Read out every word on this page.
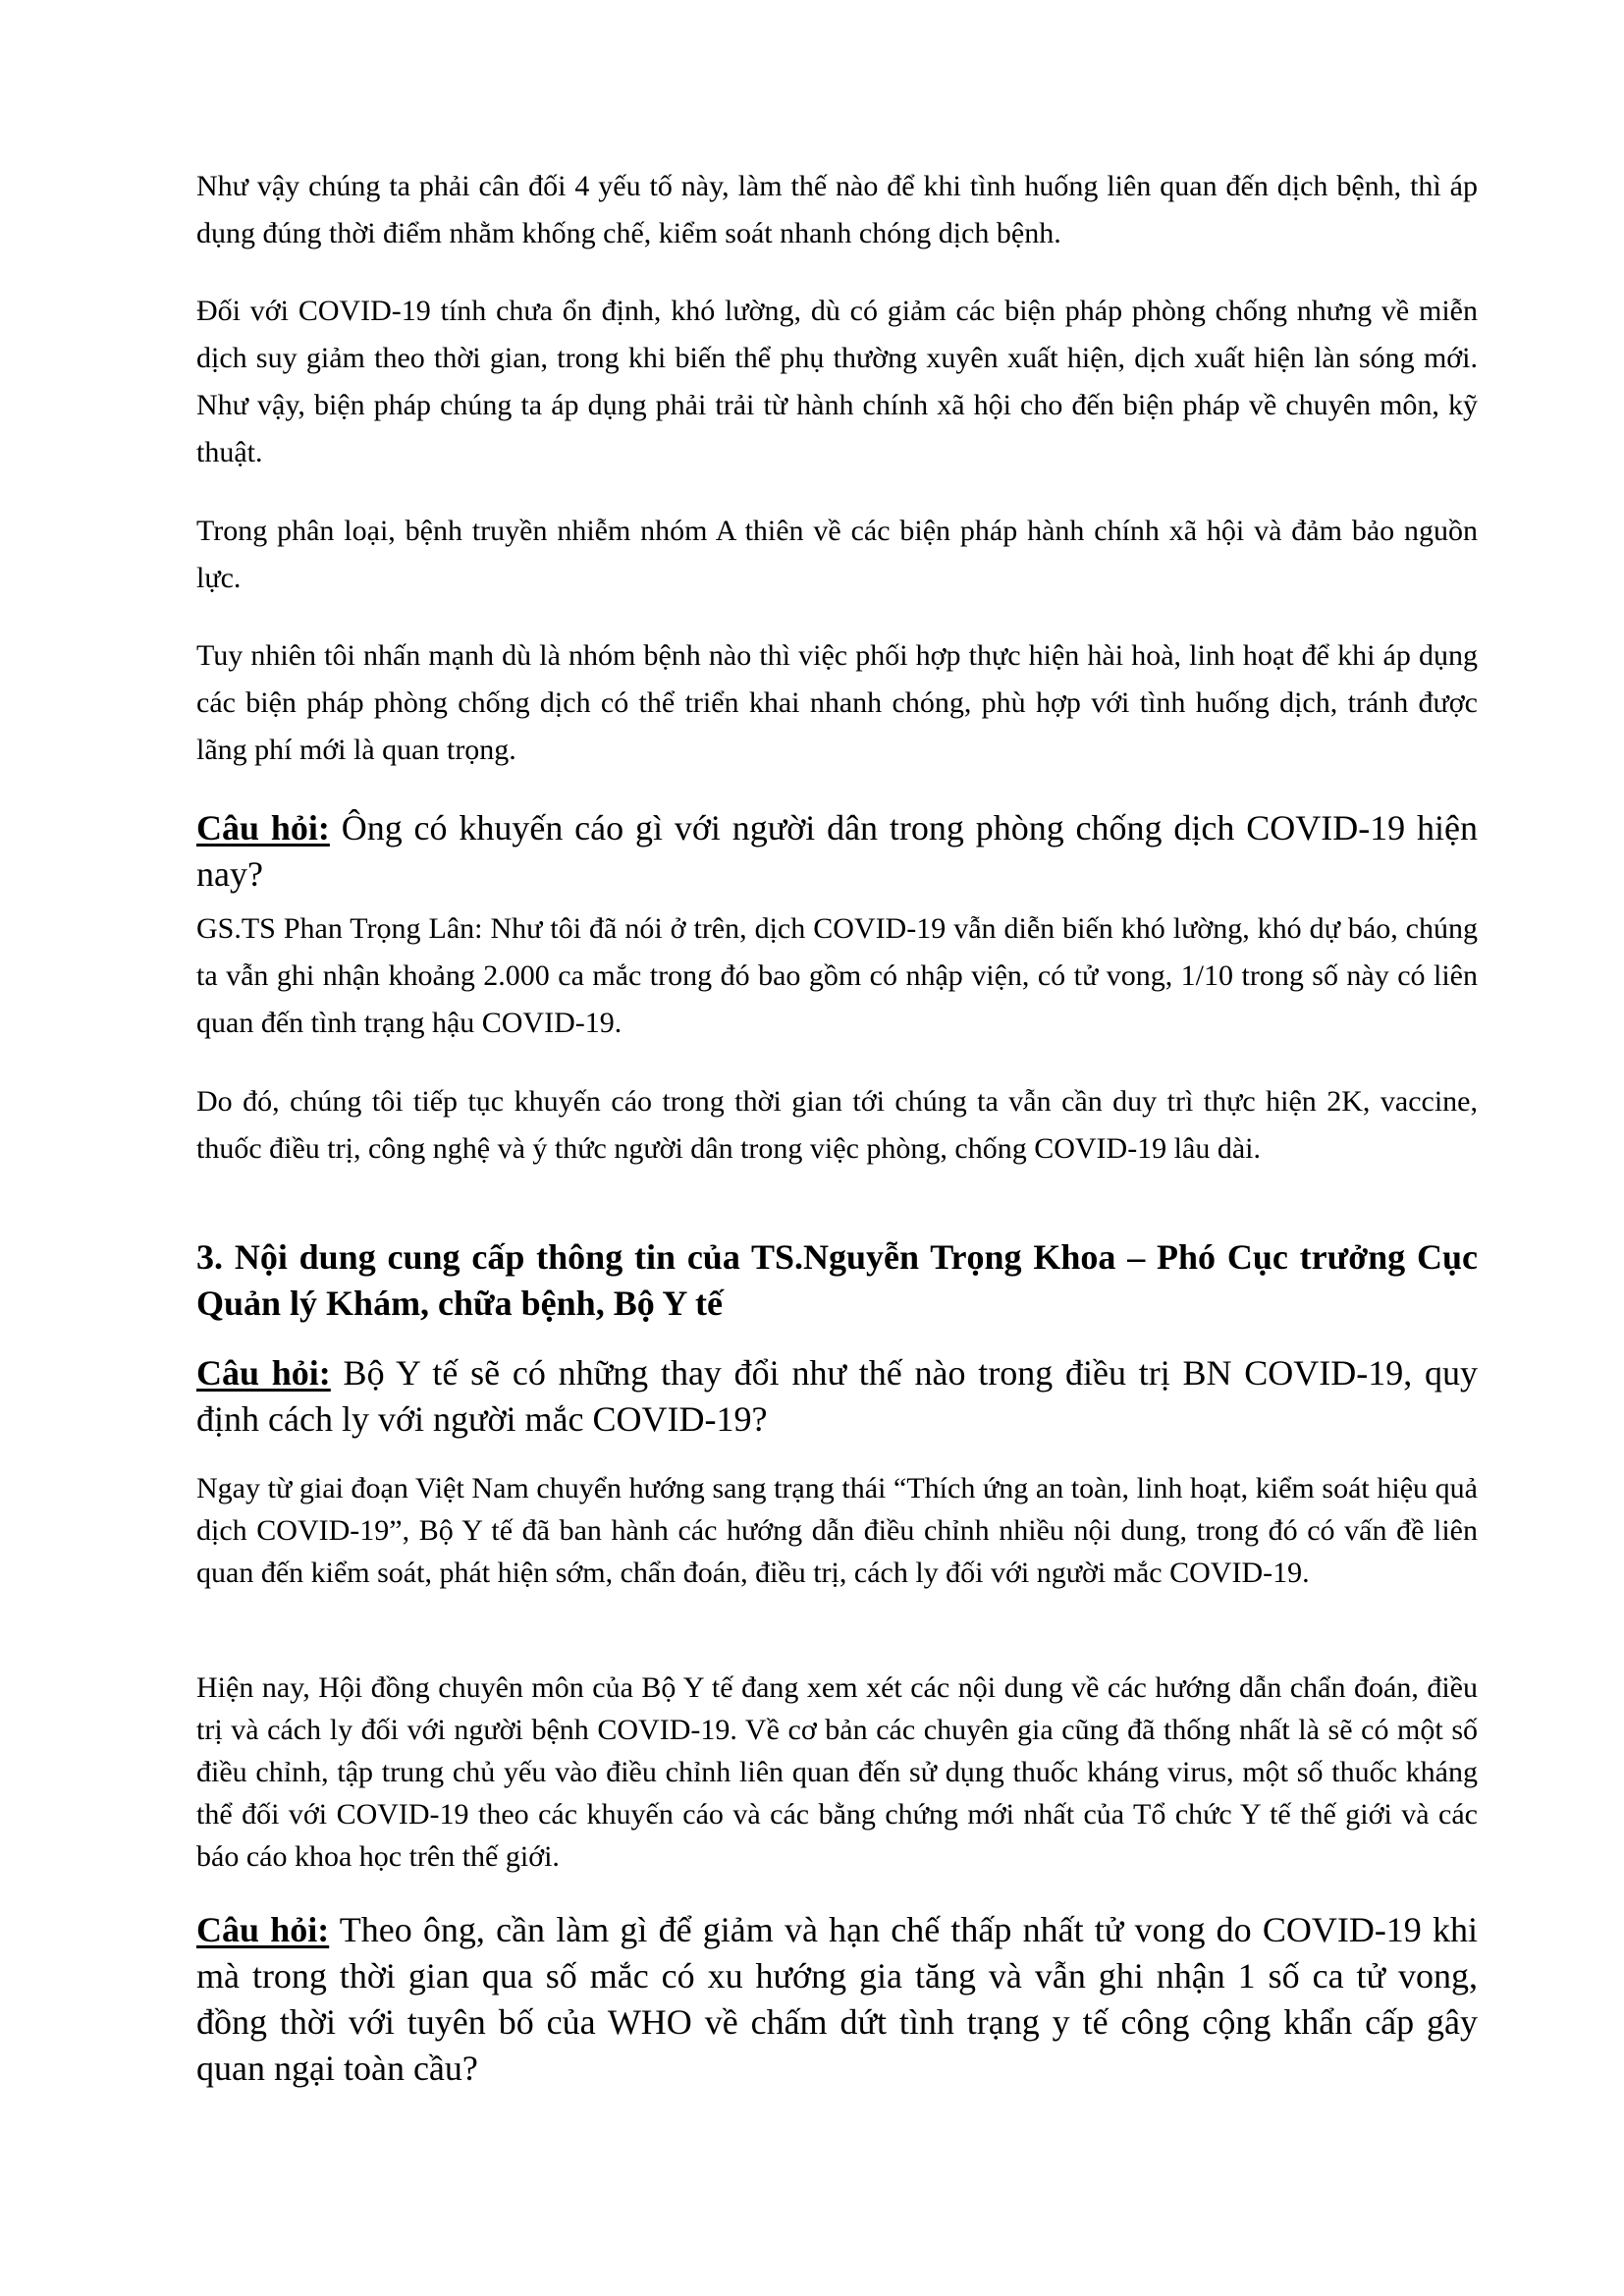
Như vậy chúng ta phải cân đối 4 yếu tố này, làm thế nào để khi tình huống liên quan đến dịch bệnh, thì áp dụng đúng thời điểm nhằm khống chế, kiểm soát nhanh chóng dịch bệnh.

Đối với COVID-19 tính chưa ổn định, khó lường, dù có giảm các biện pháp phòng chống nhưng về miễn dịch suy giảm theo thời gian, trong khi biến thể phụ thường xuyên xuất hiện, dịch xuất hiện làn sóng mới. Như vậy, biện pháp chúng ta áp dụng phải trải từ hành chính xã hội cho đến biện pháp về chuyên môn, kỹ thuật.

Trong phân loại, bệnh truyền nhiễm nhóm A thiên về các biện pháp hành chính xã hội và đảm bảo nguồn lực.

Tuy nhiên tôi nhấn mạnh dù là nhóm bệnh nào thì việc phối hợp thực hiện hài hoà, linh hoạt để khi áp dụng các biện pháp phòng chống dịch có thể triển khai nhanh chóng, phù hợp với tình huống dịch, tránh được lãng phí mới là quan trọng.

Câu hỏi: Ông có khuyến cáo gì với người dân trong phòng chống dịch COVID-19 hiện nay?

GS.TS Phan Trọng Lân: Như tôi đã nói ở trên, dịch COVID-19 vẫn diễn biến khó lường, khó dự báo, chúng ta vẫn ghi nhận khoảng 2.000 ca mắc trong đó bao gồm có nhập viện, có tử vong, 1/10 trong số này có liên quan đến tình trạng hậu COVID-19.

Do đó, chúng tôi tiếp tục khuyến cáo trong thời gian tới chúng ta vẫn cần duy trì thực hiện 2K, vaccine, thuốc điều trị, công nghệ và ý thức người dân trong việc phòng, chống COVID-19 lâu dài.

3. Nội dung cung cấp thông tin của TS.Nguyễn Trọng Khoa – Phó Cục trưởng Cục Quản lý Khám, chữa bệnh, Bộ Y tế

Câu hỏi: Bộ Y tế sẽ có những thay đổi như thế nào trong điều trị BN COVID-19, quy định cách ly với người mắc COVID-19?

Ngay từ giai đoạn Việt Nam chuyển hướng sang trạng thái “Thích ứng an toàn, linh hoạt, kiểm soát hiệu quả dịch COVID-19”, Bộ Y tế đã ban hành các hướng dẫn điều chỉnh nhiều nội dung, trong đó có vấn đề liên quan đến kiểm soát, phát hiện sớm, chẩn đoán, điều trị, cách ly đối với người mắc COVID-19.

Hiện nay, Hội đồng chuyên môn của Bộ Y tế đang xem xét các nội dung về các hướng dẫn chẩn đoán, điều trị và cách ly đối với người bệnh COVID-19. Về cơ bản các chuyên gia cũng đã thống nhất là sẽ có một số điều chỉnh, tập trung chủ yếu vào điều chỉnh liên quan đến sử dụng thuốc kháng virus, một số thuốc kháng thể đối với COVID-19 theo các khuyến cáo và các bằng chứng mới nhất của Tổ chức Y tế thế giới và các báo cáo khoa học trên thế giới.

Câu hỏi: Theo ông, cần làm gì để giảm và hạn chế thấp nhất tử vong do COVID-19 khi mà trong thời gian qua số mắc có xu hướng gia tăng và vẫn ghi nhận 1 số ca tử vong, đồng thời với tuyên bố của WHO về chấm dứt tình trạng y tế công cộng khẩn cấp gây quan ngại toàn cầu?
